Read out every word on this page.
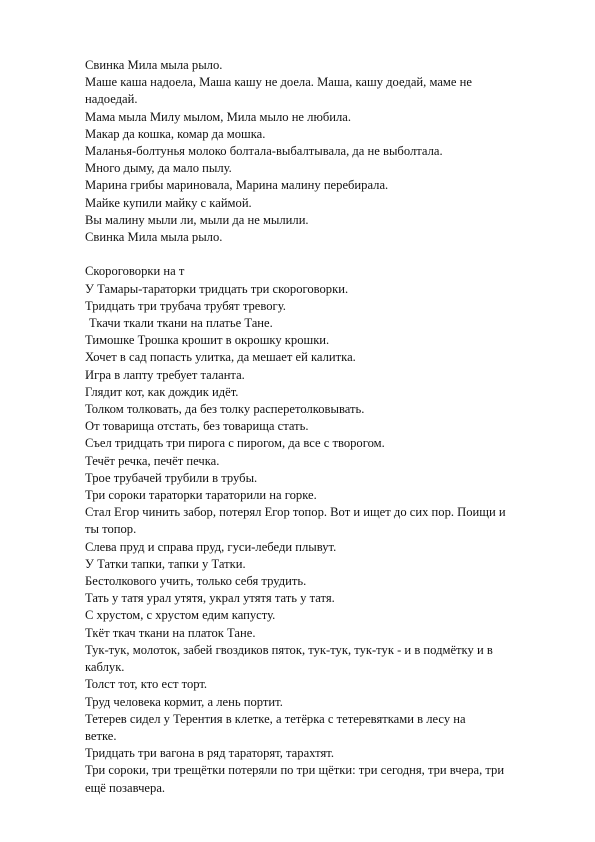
Свинка Мила мыла рыло.
Маше каша надоела, Маша кашу не доела. Маша, кашу доедай, маме не
надоедай.
Мама мыла Милу мылом, Мила мыло не любила.
Макар да кошка, комар да мошка.
Маланья-болтунья молоко болтала-выбалтывала, да не выболтала.
Много дыму, да мало пылу.
Марина грибы мариновала, Марина малину перебирала.
Майке купили майку с каймой.
Вы малину мыли ли, мыли да не мылили.
Свинка Мила мыла рыло.
Скороговорки на т
У Тамары-тараторки тридцать три скороговорки.
Тридцать три трубача трубят тревогу.
Ткачи ткали ткани на платье Тане.
Тимошке Трошка крошит в окрошку крошки.
Хочет в сад попасть улитка, да мешает ей калитка.
Игра в лапту требует таланта.
Глядит кот, как дождик идёт.
Толком толковать, да без толку расперетолковывать.
От товарища отстать, без товарища стать.
Съел тридцать три пирога с пирогом, да все с творогом.
Течёт речка, печёт печка.
Трое трубачей трубили в трубы.
Три сороки тараторки тараторили на горке.
Стал Егор чинить забор, потерял Егор топор. Вот и ищет до сих пор. Поищи и
ты топор.
Слева пруд и справа пруд, гуси-лебеди плывут.
У Татки тапки, тапки у Татки.
Бестолкового учить, только себя трудить.
Тать у татя урал утятя, украл утятя тать у татя.
С хрустом, с хрустом едим капусту.
Ткёт ткач ткани на платок Тане.
Тук-тук, молоток, забей гвоздиков пяток, тук-тук, тук-тук - и в подмётку и в
каблук.
Толст тот, кто ест торт.
Труд человека кормит, а лень портит.
Тетерев сидел у Терентия в клетке, а тетёрка с тетеревятками в лесу на
ветке.
Тридцать три вагона в ряд тараторят, тарахтят.
Три сороки, три трещётки потеряли по три щётки: три сегодня, три вчера, три
ещё позавчера.
